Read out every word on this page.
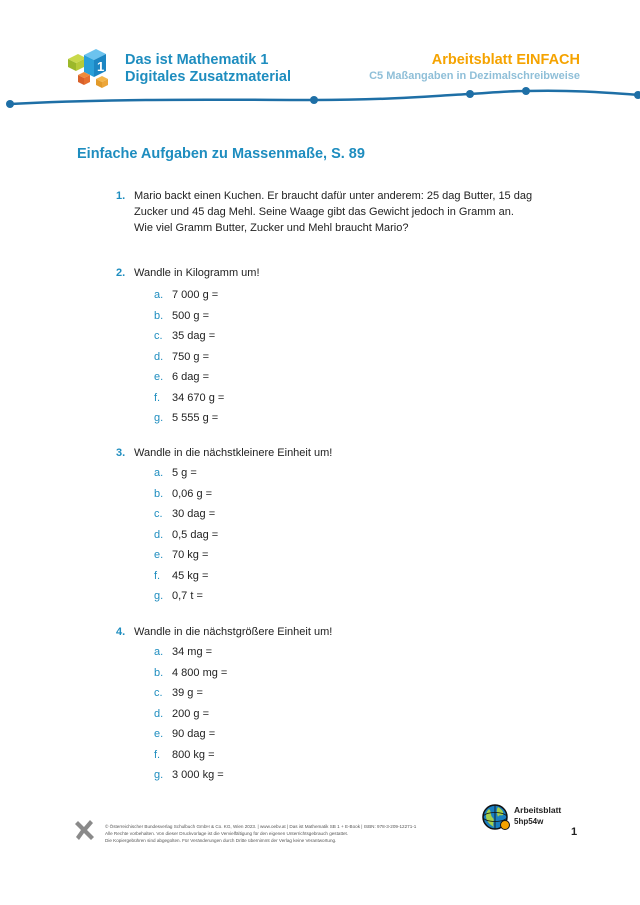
1 Das ist Mathematik 1
Digitales Zusatzmaterial
Arbeitsblatt EINFACH
C5 Maßangaben in Dezimalschreibweise
Einfache Aufgaben zu Massenmaße, S. 89
1. Mario backt einen Kuchen. Er braucht dafür unter anderem: 25 dag Butter, 15 dag
Zucker und 45 dag Mehl. Seine Waage gibt das Gewicht jedoch in Gramm an.
Wie viel Gramm Butter, Zucker und Mehl braucht Mario?
2. Wandle in Kilogramm um!
a. 7 000 g =
b. 500 g =
c. 35 dag =
d. 750 g =
e. 6 dag =
f. 34 670 g =
g. 5 555 g =
3. Wandle in die nächstkleinere Einheit um!
a. 5 g =
b. 0,06 g =
c. 30 dag =
d. 0,5 dag =
e. 70 kg =
f. 45 kg =
g. 0,7 t =
4. Wandle in die nächstgrößere Einheit um!
a. 34 mg =
b. 4 800 mg =
c. 39 g =
d. 200 g =
e. 90 dag =
f. 800 kg =
g. 3 000 kg =
© Österreichischer Bundesverlag Schulbuch GmbH & Co. KG, Wien 2023. | www.oebv.at | Das ist Mathematik SB 1 + E-Book | ISBN: 978-3-209-12271-1
Alle Rechte vorbehalten. Von dieser Druckvorlage ist die Vervielfältigung für den eigenen Unterrichtsgebrauch gestattet.
Die Kopiergebühren sind abgegolten. Für Veränderungen durch Dritte übernimmt der Verlag keine Verantwortung.
Arbeitsblatt
5hp54w
1
